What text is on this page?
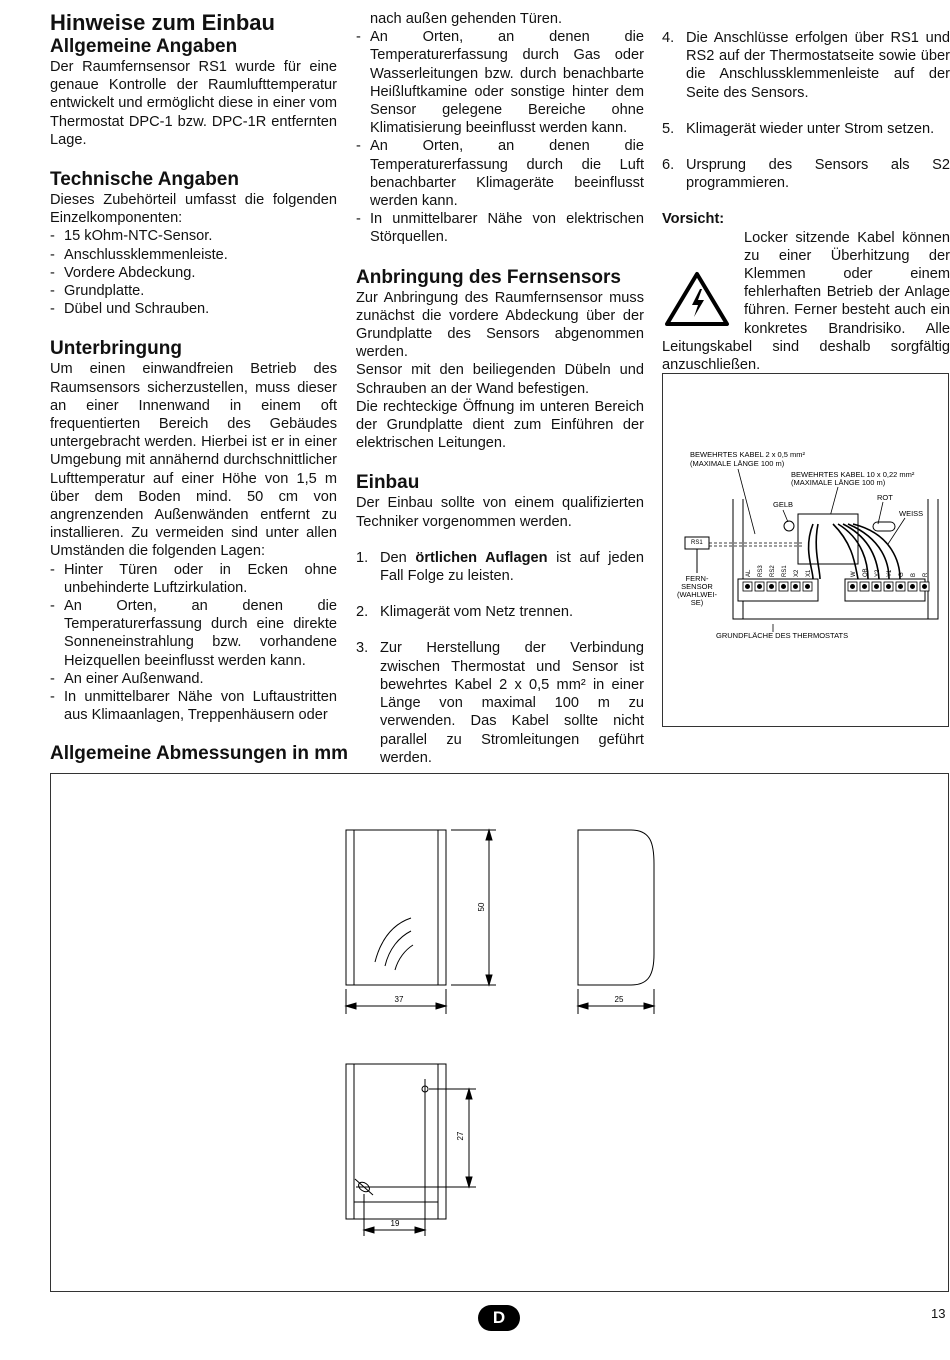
Hinweise zum Einbau
Allgemeine Angaben

Der Raumfernsensor RS1 wurde für eine genaue Kontrolle der Raumlufttemperatur entwickelt und ermöglicht diese in einer vom Thermostat DPC-1 bzw. DPC-1R entfernten Lage.

Technische Angaben

Dieses Zubehörteil umfasst die folgenden Einzelkomponenten:

- 15 kOhm-NTC-Sensor.
- Anschlussklemmenleiste.
- Vordere Abdeckung.
- Grundplatte.
- Dübel und Schrauben.
Unterbringung

Um einen einwandfreien Betrieb des Raumsensors sicherzustellen, muss dieser an einer Innenwand in einem oft frequentierten Bereich des Gebäudes untergebracht werden. Hierbei ist er in einer Umgebung mit annähernd durchschnittlicher Lufttemperatur auf einer Höhe von 1,5 m über dem Boden mind. 50 cm von angrenzenden Außenwänden entfernt zu installieren. Zu vermeiden sind unter allen Umständen die folgenden Lagen:

- Hinter Türen oder in Ecken ohne unbehinderte Luftzirkulation.
- An Orten, an denen die Temperaturerfassung durch eine direkte Sonneneinstrahlung bzw. vorhandene Heizquellen beeinflusst werden kann.
- An einer Außenwand.
- In unmittelbarer Nähe von Luftaustritten aus Klimaanlagen, Treppenhäusern oder

nach außen gehenden Türen.

- An Orten, an denen die Temperaturerfassung durch Gas oder Wasserleitungen bzw. durch benachbarte Heißluftkamine oder sonstige hinter dem Sensor gelegene Bereiche ohne Klimatisierung beeinflusst werden kann.
- An Orten, an denen die Temperaturerfassung durch die Luft benachbarter Klimageräte beeinflusst werden kann.
- In unmittelbarer Nähe von elektrischen Störquellen.
Anbringung des Fernsensors

Zur Anbringung des Raumfernsensor muss zunächst die vordere Abdeckung über der Grundplatte des Sensors abgenommen werden.

Sensor mit den beiliegenden Dübeln und Schrauben an der Wand befestigen.

Die rechteckige Öffnung im unteren Bereich der Grundplatte dient zum Einführen der elektrischen Leitungen.

Einbau

Der Einbau sollte von einem qualifizierten Techniker vorgenommen werden.

1. Den örtlichen Auflagen ist auf jeden Fall Folge zu leisten.
2. Klimagerät vom Netz trennen.
3. Zur Herstellung der Verbindung zwischen Thermostat und Sensor ist bewehrtes Kabel 2 x 0,5 mm² in einer Länge von maximal 100 m zu verwenden. Das Kabel sollte nicht parallel zu Stromleitungen geführt werden.
4. Die Anschlüsse erfolgen über RS1 und RS2 auf der Thermostatseite sowie über die Anschlussklemmenleiste auf der Seite des Sensors.
5. Klimagerät wieder unter Strom setzen.
6. Ursprung des Sensors als S2 programmieren.

Vorsicht:

Locker sitzende Kabel können zu einer Überhitzung der Klemmen oder einem fehlerhaften Betrieb der Anlage führen. Ferner besteht auch ein konkretes Brandrisiko. Alle Leitungskabel sind deshalb sorgfältig anzuschließen.

BEWEHRTES KABEL 2 x 0,5 mm²
(MAXIMALE LÄNGE 100 m)
BEWEHRTES KABEL 10 x 0,22 mm²
(MAXIMALE LÄNGE 100 m)
GELB
ROT
WEISS
RS1
FERN-
SENSOR
(WAHLWEI-
SE)
GRUNDFLÄCHE DES THERMOSTATS
AL RS3 RS2 RS1 X2 X1	W OB Y2 Y1 G B R
Allgemeine Abmessungen in mm
50
37	25
27
19
D	13
